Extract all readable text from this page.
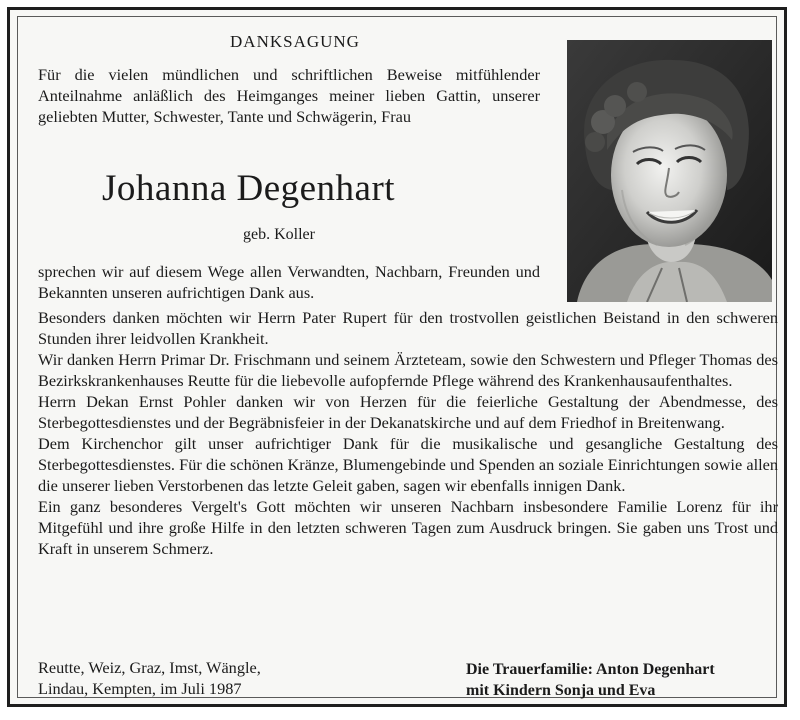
DANKSAGUNG

Für die vielen mündlichen und schriftlichen Beweise mitfühlender Anteilnahme anläßlich des Heimganges meiner lieben Gattin, unserer geliebten Mutter, Schwester, Tante und Schwägerin, Frau

Johanna Degenhart
geb. Koller

sprechen wir auf diesem Wege allen Verwandten, Nachbarn, Freunden und Bekannten unseren aufrichtigen Dank aus.

Besonders danken möchten wir Herrn Pater Rupert für den trostvollen geistlichen Beistand in den schweren Stunden ihrer leidvollen Krankheit.

Wir danken Herrn Primar Dr. Frischmann und seinem Ärzteteam, sowie den Schwestern und Pfleger Thomas des Bezirkskrankenhauses Reutte für die liebevolle aufopfernde Pflege während des Krankenhausaufenthaltes.

Herrn Dekan Ernst Pohler danken wir von Herzen für die feierliche Gestaltung der Abendmesse, des Sterbegottesdienstes und der Begräbnisfeier in der Dekanatskirche und auf dem Friedhof in Breitenwang.

Dem Kirchenchor gilt unser aufrichtiger Dank für die musikalische und gesangliche Gestaltung des Sterbegottesdienstes. Für die schönen Kränze, Blumengebinde und Spenden an soziale Einrichtungen sowie allen die unserer lieben Verstorbenen das letzte Geleit gaben, sagen wir ebenfalls innigen Dank.

Ein ganz besonderes Vergelt's Gott möchten wir unseren Nachbarn insbesondere Familie Lorenz für ihr Mitgefühl und ihre große Hilfe in den letzten schweren Tagen zum Ausdruck bringen. Sie gaben uns Trost und Kraft in unserem Schmerz.

Reutte, Weiz, Graz, Imst, Wängle,
Lindau, Kempten, im Juli 1987
Die Trauerfamilie: Anton Degenhart
mit Kindern Sonja und Eva
